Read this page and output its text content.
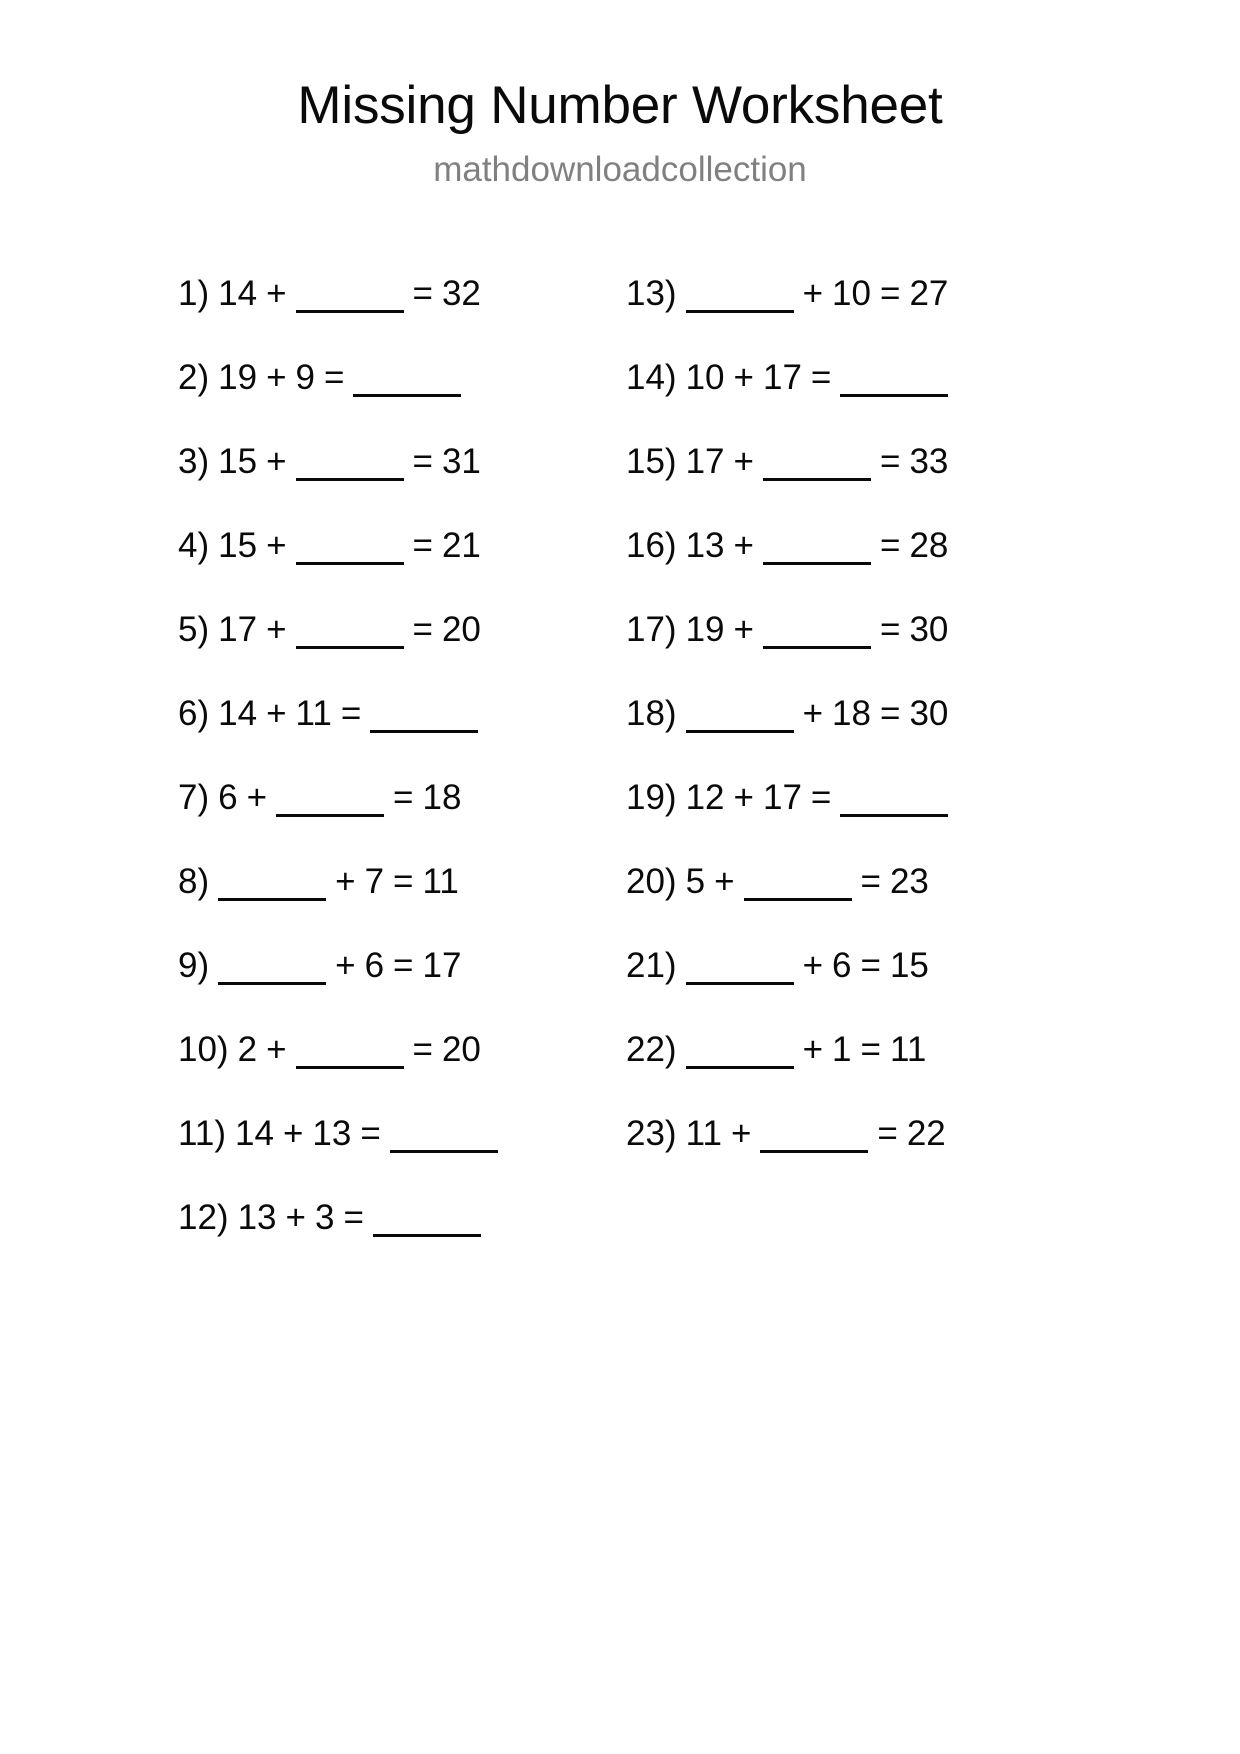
Missing Number Worksheet
mathdownloadcollection
1) 14 +	= 32
2) 19 + 9 =
3) 15 +	= 31
4) 15 +	= 21
5) 17 +	= 20
6) 14 + 11 =
7) 6 +	= 18
8)	+ 7 = 11
9)	+ 6 = 17
10) 2 +	= 20
11) 14 + 13 =
12) 13 + 3 =
13)	+ 10 = 27
14) 10 + 17 =
15) 17 +	= 33
16) 13 +	= 28
17) 19 +	= 30
18)	+ 18 = 30
19) 12 + 17 =
20) 5 +	= 23
21)	+ 6 = 15
22)	+ 1 = 11
23) 11 +	= 22
